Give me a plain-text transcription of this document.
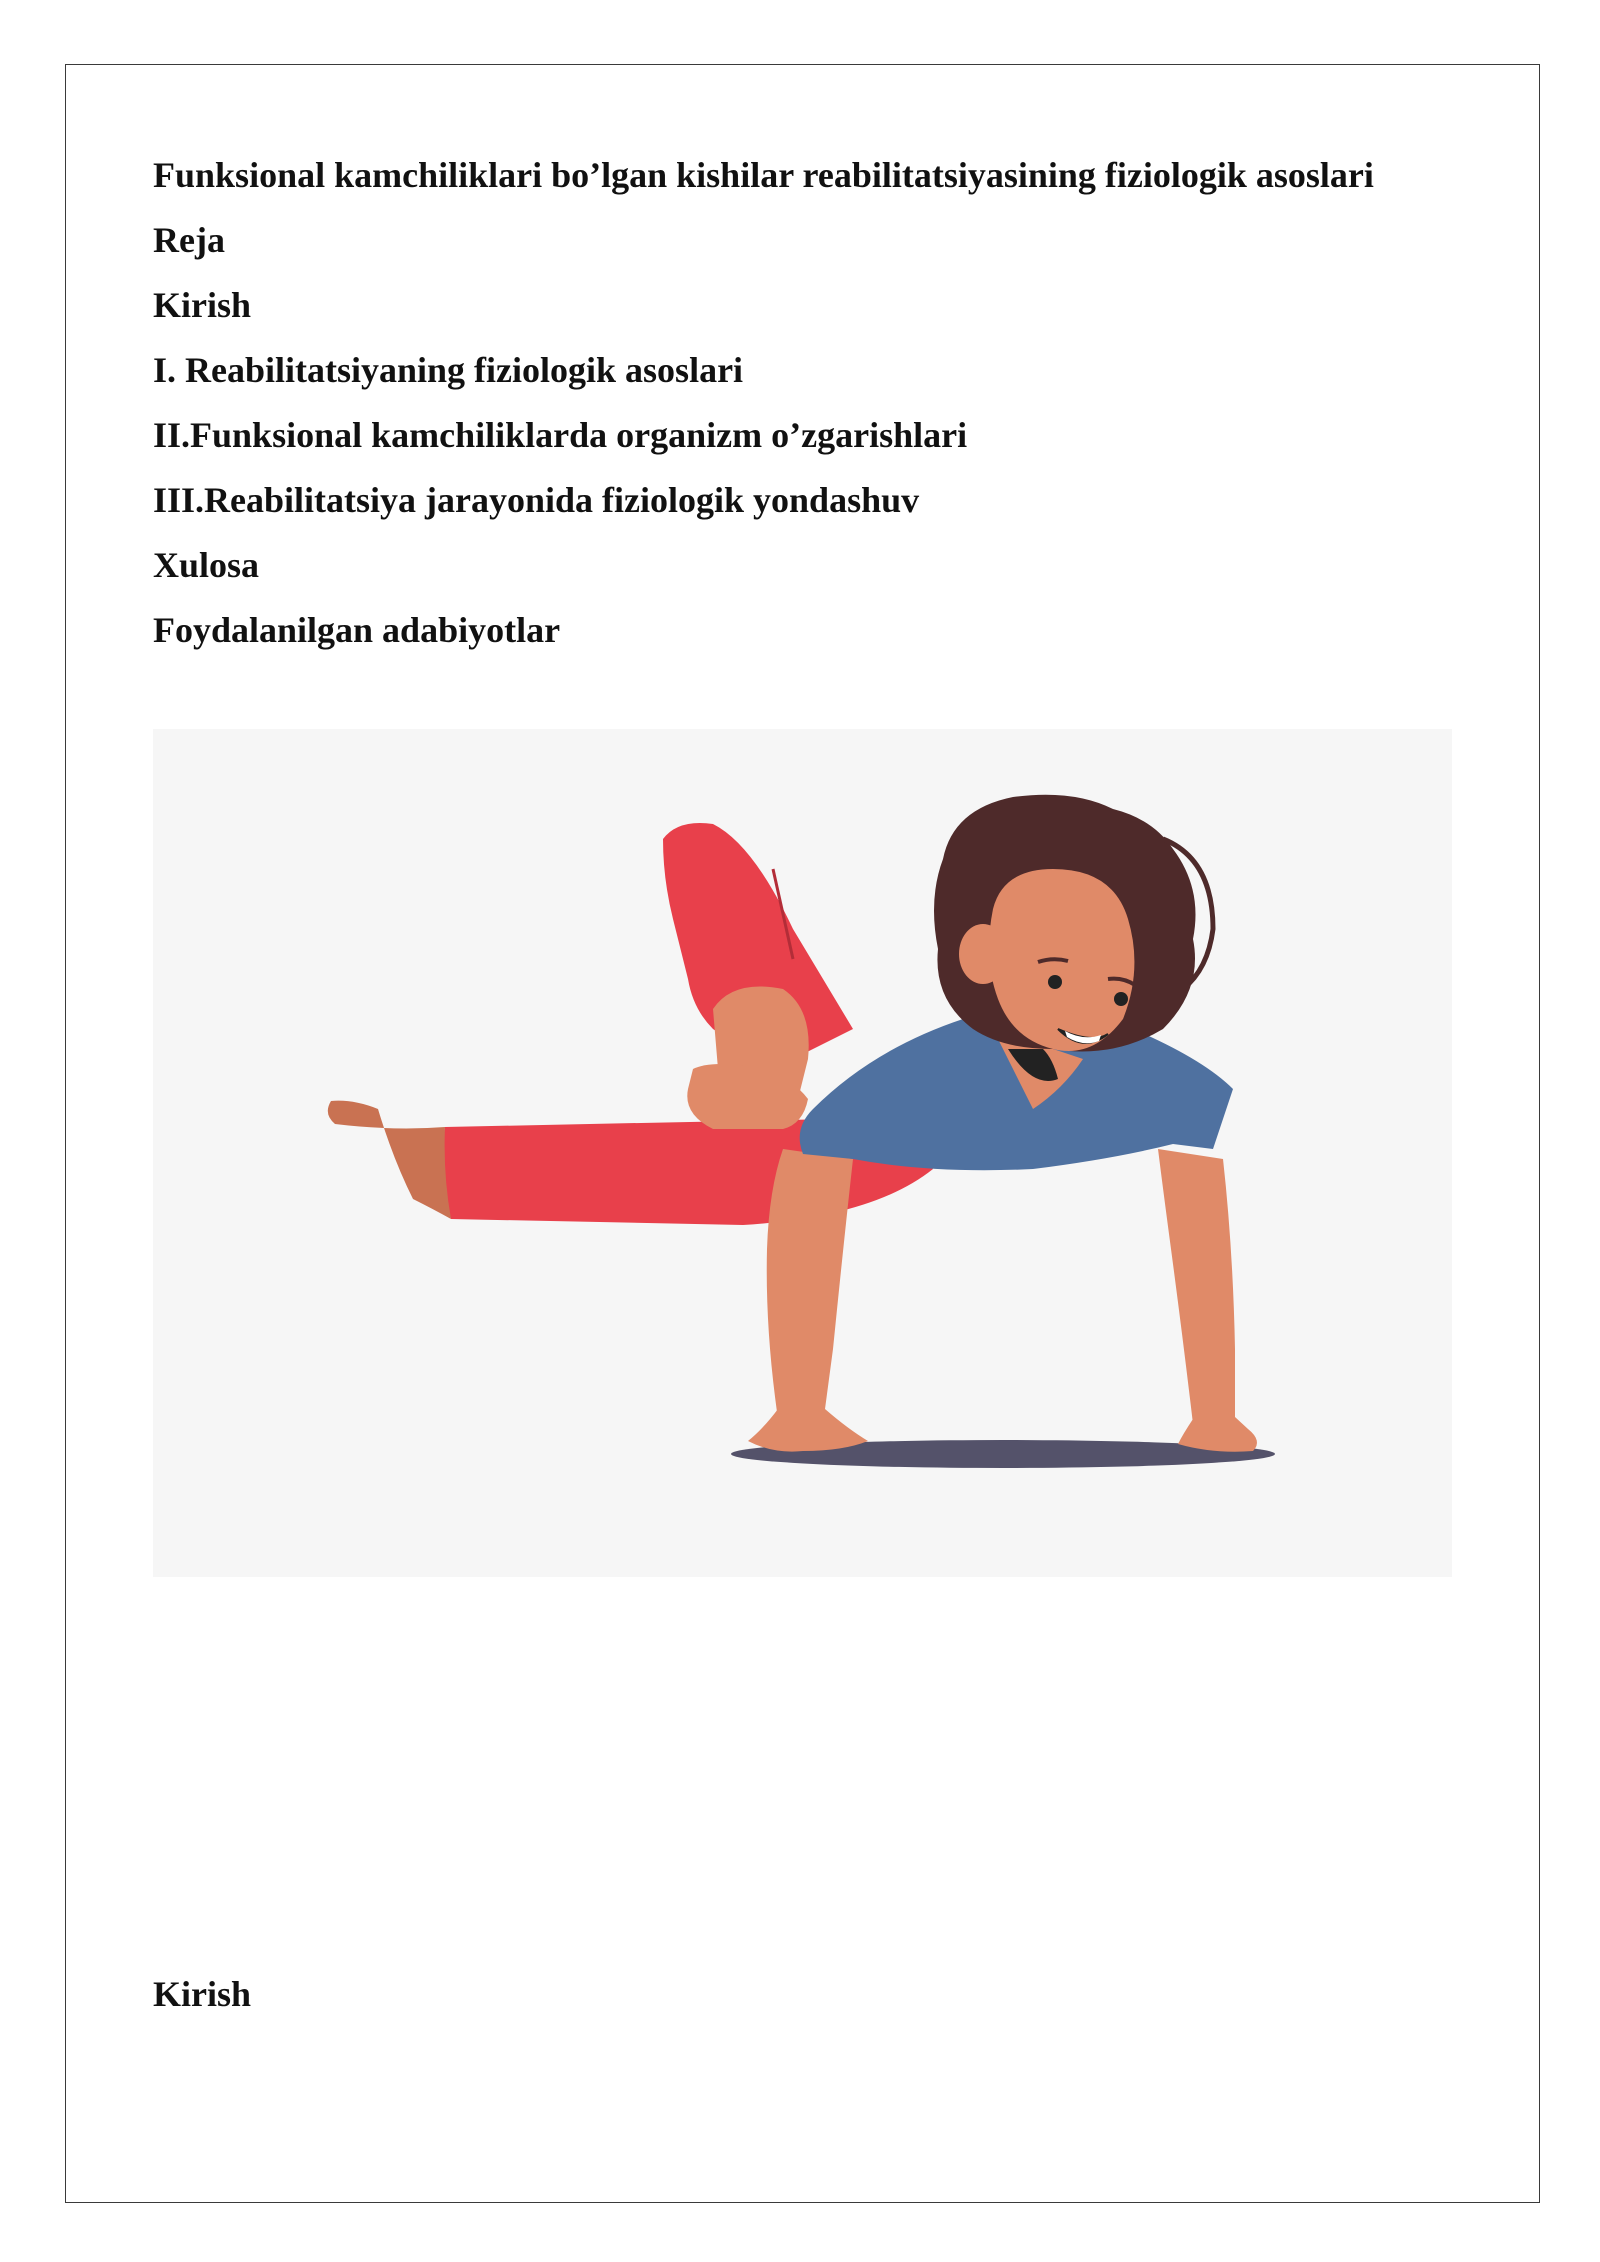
Funksional kamchiliklari bo’lgan kishilar reabilitatsiyasining fiziologik asoslari

Reja

Kirish

I. Reabilitatsiyaning fiziologik asoslari

II.Funksional kamchiliklarda organizm o’zgarishlari

III.Reabilitatsiya jarayonida fiziologik yondashuv

Xulosa

Foydalanilgan adabiyotlar

Kirish
